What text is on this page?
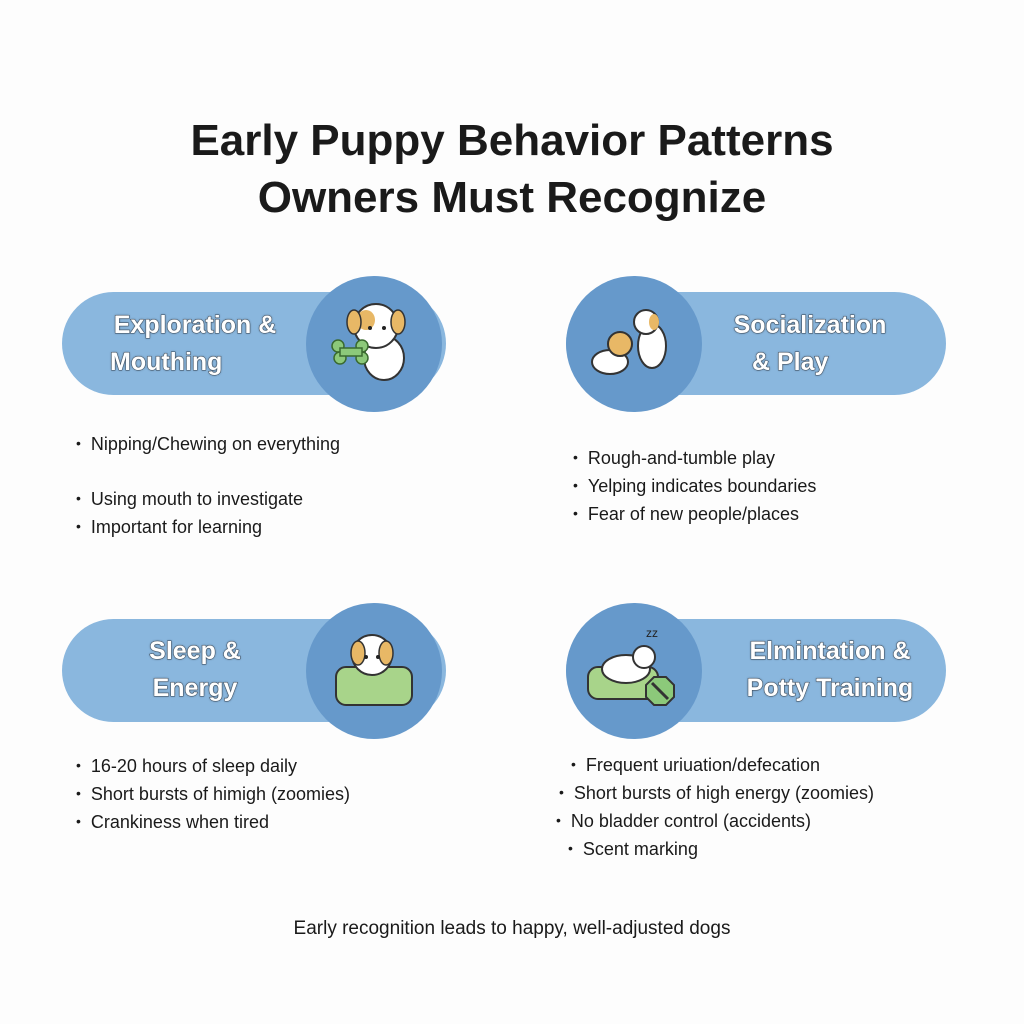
Early Puppy Behavior Patterns
Owners Must Recognize
Exploration &
Mouthing
• Nipping/Chewing on everything
• Using mouth to investigate
• Important for learning
Socialization
& Play
• Rough-and-tumble play
• Yelping indicates boundaries
• Fear of new people/places
Sleep &
Energy
• 16-20 hours of sleep daily
• Short bursts of himigh (zoomies)
• Crankiness when tired
zz
Elmintation &
Potty Training
• Frequent uriuation/defecation
• Short bursts of high energy (zoomies)
• No bladder control (accidents)
• Scent marking
Early recognition leads to happy, well-adjusted dogs
